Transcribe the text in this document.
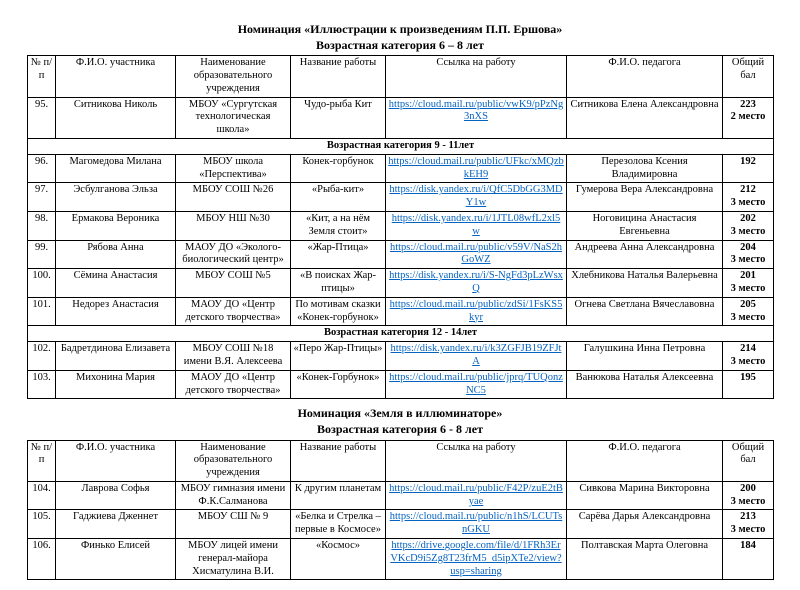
Номинация «Иллюстрации к произведениям П.П. Ершова»
Возрастная категория 6 – 8 лет
№ п/п	Ф.И.О. участника	Наименование образовательного учреждения	Название работы	Ссылка на работу	Ф.И.О. педагога	Общий бал
95.	Ситникова Николь	МБОУ «Сургутская технологическая школа»	Чудо-рыба Кит	https://cloud.mail.ru/public/vwK9/pPzNg3nXS	Ситникова Елена Александровна	223
2 место

Возрастная категория 9 - 11лет						
96.	Магомедова Милана	МБОУ школа «Перспектива»	Конек-горбунок	https://cloud.mail.ru/public/UFkc/xMQzbkEH9	Перезолова Ксения Владимировна	192

97.	Эсбулганова Эльза	МБОУ СОШ №26	«Рыба-кит»	https://disk.yandex.ru/i/QfC5DbGG3MDY1w	Гумерова Вера Александровна	212
3 место

98.	Ермакова Вероника	МБОУ НШ №30	«Кит, а на нём Земля стоит»	https://disk.yandex.ru/i/1JTL08wfL2xl5w	Ноговицина Анастасия Евгеньевна	202
3 место

99.	Рябова Анна	МАОУ ДО «Эколого-биологический центр»	«Жар-Птица»	https://cloud.mail.ru/public/v59V/NaS2hGoWZ	Андреева Анна Александровна	204
3 место

100.	Сёмина Анастасия	МБОУ СОШ №5	«В поисках Жар-птицы»	https://disk.yandex.ru/i/S-NgFd3pLzWsxQ	Хлебникова Наталья Валерьевна	201
3 место

101.	Недорез Анастасия	МАОУ ДО «Центр детского творчества»	По мотивам сказки «Конек-горбунок»	https://cloud.mail.ru/public/zdSi/1FsKS5kyr	Огнева Светлана Вячеславовна	205
3 место

Возрастная категория 12 - 14лет						
102.	Бадретдинова Елизавета	МБОУ СОШ №18 имени В.Я. Алексеева	«Перо Жар-Птицы»	https://disk.yandex.ru/i/k3ZGFJB19ZFJtA	Галушкина Инна Петровна	214
3 место

103.	Михонина Мария	МАОУ ДО «Центр детского творчества»	«Конек-Горбунок»	https://cloud.mail.ru/public/jprq/TUQonzNC5	Ванюкова Наталья Алексеевна	195
Номинация «Земля в иллюминаторе»
Возрастная категория 6 - 8 лет
№ п/п	Ф.И.О. участника	Наименование образовательного учреждения	Название работы	Ссылка на работу	Ф.И.О. педагога	Общий бал
104.	Лаврова Софья	МБОУ гимназия имени Ф.К.Салманова	К другим планетам	https://cloud.mail.ru/public/F42P/zuE2tByae	Сивкова Марина Викторовна	200
3 место

105.	Гаджиева Дженнет	МБОУ СШ № 9	«Белка и Стрелка – первые в Космосе»	https://cloud.mail.ru/public/n1hS/LCUTsnGKU	Сарёва Дарья Александровна	213
3 место

106.	Финько Елисей	МБОУ лицей имени генерал-майора Хисматулина В.И.	«Космос»	https://drive.google.com/file/d/1FRh3ErVKcD9i5Zg8T23frM5_d5ipXTe2/view?usp=sharing	Полтавская Марта Олеговна	184
